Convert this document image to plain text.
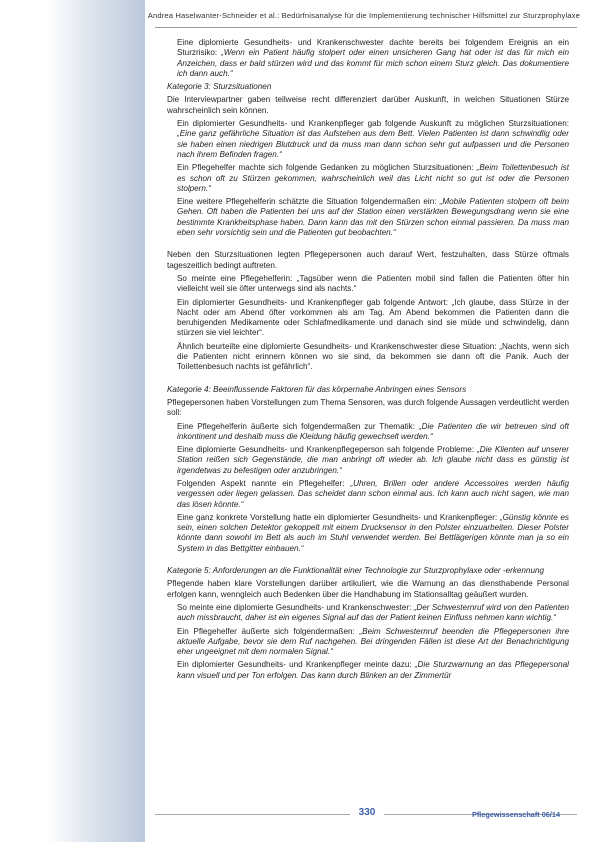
Andrea Haselwanter-Schneider et al.: Bedürfnisanalyse für die Implementierung technischer Hilfsmittel zur Sturzprophylaxe

Eine diplomierte Gesundheits- und Krankenschwester dachte bereits bei folgendem Ereignis an ein Sturzrisiko: „Wenn ein Patient häufig stolpert oder einen unsicheren Gang hat oder ist das für mich ein Anzeichen, dass er bald stürzen wird und das kommt für mich schon einem Sturz gleich. Das dokumentiere ich dann auch.“

Kategorie 3: Sturzsituationen

Die Interviewpartner gaben teilweise recht differenziert darüber Auskunft, in welchen Situationen Stürze wahrscheinlich sein können.

Ein diplomierter Gesundheits- und Krankenpfleger gab folgende Auskunft zu möglichen Sturzsituationen: „Eine ganz gefährliche Situation ist das Aufstehen aus dem Bett. Vielen Patienten ist dann schwindlig oder sie haben einen niedrigen Blutdruck und da muss man dann schon sehr gut aufpassen und die Personen nach ihrem Befinden fragen.“

Ein Pflegehelfer machte sich folgende Gedanken zu möglichen Sturzsituationen: „Beim Toilettenbesuch ist es schon oft zu Stürzen gekommen, wahrscheinlich weil das Licht nicht so gut ist oder die Personen stolpern.“

Eine weitere Pflegehelferin schätzte die Situation folgendermaßen ein: „Mobile Patienten stolpern oft beim Gehen. Oft haben die Patienten bei uns auf der Station einen verstärkten Bewegungsdrang wenn sie eine bestimmte Krankheitsphase haben. Dann kann das mit den Stürzen schon einmal passieren. Da muss man eben sehr vorsichtig sein und die Patienten gut beobachten.“

Neben den Sturzsituationen legten Pflegepersonen auch darauf Wert, festzuhalten, dass Stürze oftmals tageszeitlich bedingt auftreten.

So meinte eine Pflegehelferin: „Tagsüber wenn die Patienten mobil sind fallen die Patienten öfter hin vielleicht weil sie öfter unterwegs sind als nachts.“

Ein diplomierter Gesundheits- und Krankenpfleger gab folgende Antwort: „Ich glaube, dass Stürze in der Nacht oder am Abend öfter vorkommen als am Tag. Am Abend bekommen die Patienten dann die beruhigenden Medikamente oder Schlafmedikamente und danach sind sie müde und schwindelig, dann stürzen sie viel leichter“.

Ähnlich beurteilte eine diplomierte Gesundheits- und Krankenschwester diese Situation: „Nachts, wenn sich die Patienten nicht erinnern können wo sie sind, da bekommen sie dann oft die Panik. Auch der Toilettenbesuch nachts ist gefährlich“.

Kategorie 4: Beeinflussende Faktoren für das körpernahe Anbringen eines Sensors

Pflegepersonen haben Vorstellungen zum Thema Sensoren, was durch folgende Aussagen verdeutlicht werden soll:

Eine Pflegehelferin äußerte sich folgendermaßen zur Thematik: „Die Patienten die wir betreuen sind oft inkontinent und deshalb muss die Kleidung häufig gewechselt werden.“

Eine diplomierte Gesundheits- und Krankenpflegeperson sah folgende Probleme: „Die Klienten auf unserer Station reißen sich Gegenstände, die man anbringt oft wieder ab. Ich glaube nicht dass es günstig ist irgendetwas zu befestigen oder anzubringen.“

Folgenden Aspekt nannte ein Pflegehelfer: „Uhren, Brillen oder andere Accessoires werden häufig vergessen oder liegen gelassen. Das scheidet dann schon einmal aus. Ich kann auch nicht sagen, wie man das lösen könnte.“

Eine ganz konkrete Vorstellung hatte ein diplomierter Gesundheits- und Krankenpfleger: „Günstig könnte es sein, einen solchen Detektor gekoppelt mit einem Drucksensor in den Polster einzuarbeiten. Dieser Polster könnte dann sowohl im Bett als auch im Stuhl verwendet werden. Bei Bettlägerigen könnte man ja so ein System in das Bettgitter einbauen.“

Kategorie 5: Anforderungen an die Funktionalität einer Technologie zur Sturzprophylaxe oder -erkennung

Pflegende haben klare Vorstellungen darüber artikuliert, wie die Warnung an das diensthabende Personal erfolgen kann, wenngleich auch Bedenken über die Handhabung im Stationsalltag geäußert wurden.

So meinte eine diplomierte Gesundheits- und Krankenschwester: „Der Schwesternruf wird von den Patienten auch missbraucht, daher ist ein eigenes Signal auf das der Patient keinen Einfluss nehmen kann wichtig.“

Ein Pflegehelfer äußerte sich folgendermaßen: „Beim Schwesternruf beenden die Pflegepersonen ihre aktuelle Aufgabe, bevor sie dem Ruf nachgehen. Bei dringenden Fällen ist diese Art der Benachrichtigung eher ungeeignet mit dem normalen Signal.“

Ein diplomierter Gesundheits- und Krankenpfleger meinte dazu: „Die Sturzwarnung an das Pflegepersonal kann visuell und per Ton erfolgen. Das kann durch Blinken an der Zimmertür

330	Pflegewissenschaft 06/14
